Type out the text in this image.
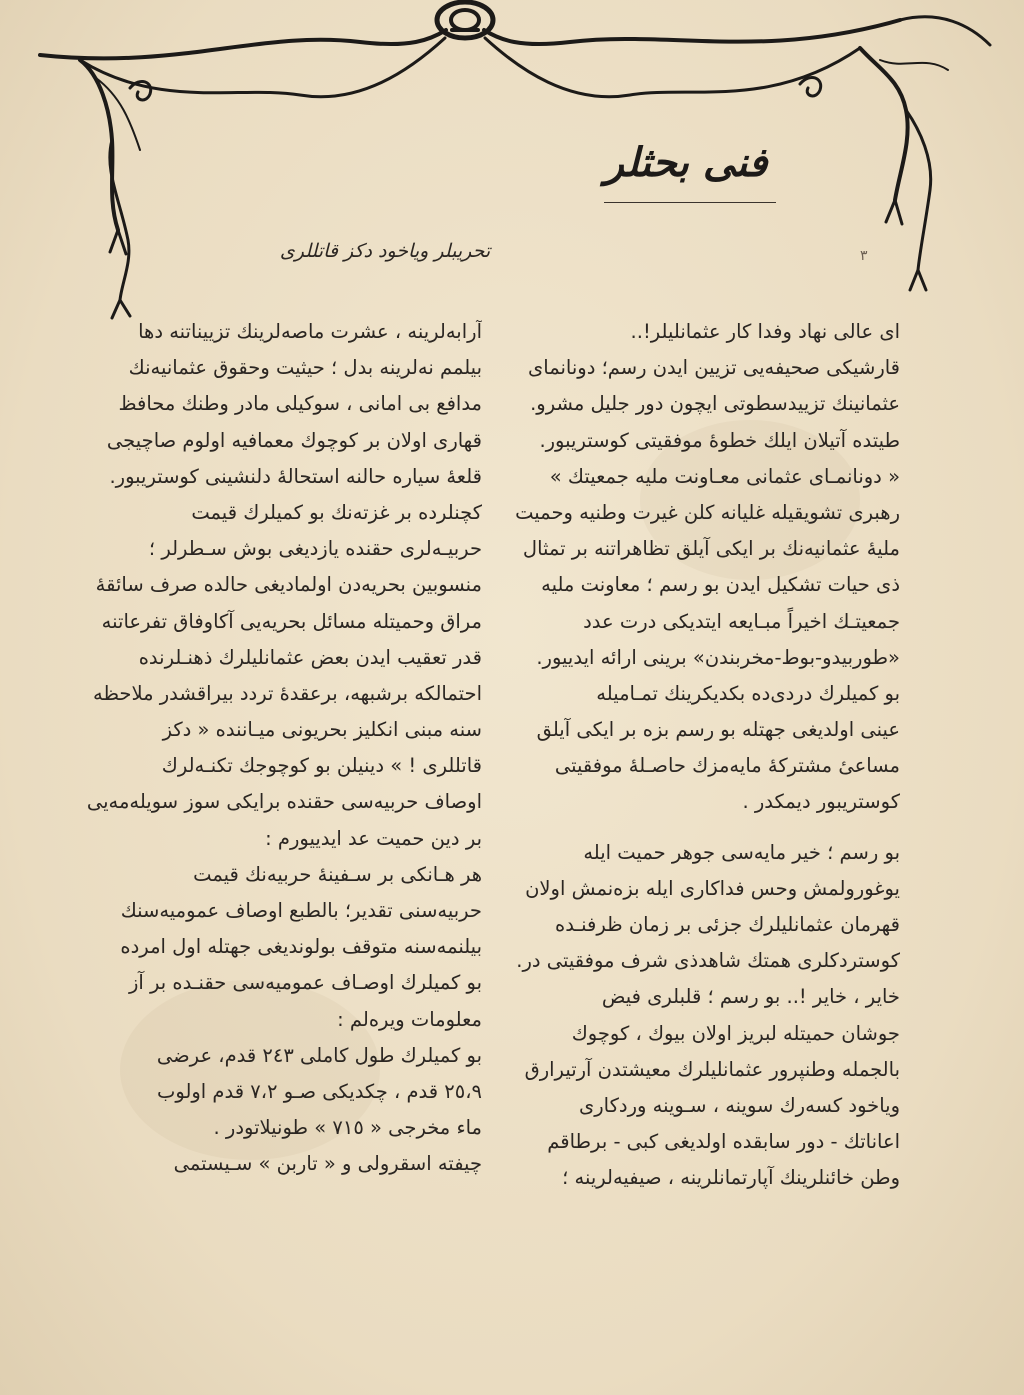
فنی بحثلر
تحریبلر ویاخود دکز قاتللری	٣
ای عالی نهاد وفدا کار عثمانلیلر!..
قارشیکی صحیفه‌یی تزیین ایدن رسم؛ دونانمای
عثمانینك تزییدسطوتی ایچون دور جلیل مشرو.
طیتده آتیلان ایلك خطوهٔ موفقیتی کوستریبور.
« دونانمـای عثمانی معـاونت ملیه جمعیتك »
رهبری تشویقیله غلیانه کلن غیرت وطنیه وحمیت
ملیهٔ عثمانیه‌نك بر ایکی آیلق تظاهراتنه بر تمثال
ذی حیات تشکیل ایدن بو رسم ؛ معاونت ملیه
جمعیتـك اخیراً مبـایعه ایتدیکی درت عدد
«طوربیدو-بوط-مخربندن» برینی ارائه ایدییور.
بو کمیلرك دردی‌ده بکدیکرینك تمـامیله
عینی اولدیغی جهتله بو رسم بزه بر ایکی آیلق
مساعیٔ مشترکهٔ مایه‌مزك حاصـلهٔ موفقیتی
کوستریبور دیمکدر .
بو رسم ؛ خیر مایه‌سی جوهر حمیت ایله
یوغورولمش وحس فداکاری ایله بزه‌نمش اولان
قهرمان عثمانلیلرك جزئی بر زمان ظرفنـده
کوستردکلری همتك شاهدذی شرف موفقیتی در.
خایر ، خایر !.. بو رسم ؛ قلبلری فیض
جوشان حمیتله لبریز اولان بیوك ، کوچوك
بالجمله وطنپرور عثمانلیلرك معیشتدن آرتیرارق
ویاخود کسه‌رك سوینه ، سـوینه وردکاری
اعاناتك - دور سابقده اولدیغی کبی - برطاقم
وطن خائنلرینك آپارتمانلرینه ، صیفیه‌لرینه ؛
آرابه‌لرینه ، عشرت ماصه‌لرینك تزییناتنه دها
بیلمم نه‌لرینه بدل ؛ حیثیت وحقوق عثمانیه‌نك
مدافع بی امانی ، سوکیلی مادر وطنك محافظ
قهاری اولان بر کوچوك معمافیه اولوم صاچیجی
قلعهٔ سیاره حالنه استحالهٔ دلنشینی کوستریبور.
کچنلرده بر غزته‌نك بو کمیلرك قیمت
حربیـه‌لری حقنده یازدیغی بوش سـطرلر ؛
منسوبین بحریه‌دن اولمادیغی حالده صرف سائقهٔ
مراق وحمیتله مسائل بحریه‌یی آکاوفاق تفرعاتنه
قدر تعقیب ایدن بعض عثمانلیلرك ذهنـلرنده
احتمالکه برشبهه، برعقدهٔ تردد بیراقشدر ملاحظه
سنه مبنی انکلیز بحریونی میـاننده « دکز
قاتللری ! » دینیلن بو کوچوجك تکنـه‌لرك
اوصاف حربیه‌سی حقنده برایکی سوز سویله‌مه‌یی
بر دین حمیت عد ایدییورم :
هر هـانکی بر سـفینهٔ حربیه‌نك قیمت
حربیه‌سنی تقدیر؛ بالطبع اوصاف عمومیه‌سنك
بیلنمه‌سنه متوقف بولوندیغی جهتله اول امرده
بو کمیلرك اوصـاف عمومیه‌سی حقنـده بر آز
معلومات ویره‌لم :
بو کمیلرك طول کاملی ٢٤٣ قدم، عرضی
٢٥،٩ قدم ، چکدیکی صـو ٧،٢ قدم اولوب
ماء مخرجی « ٧١٥ » طونیلاتودر .
چیفته اسقرولی و « تاربن » سـیستمی
